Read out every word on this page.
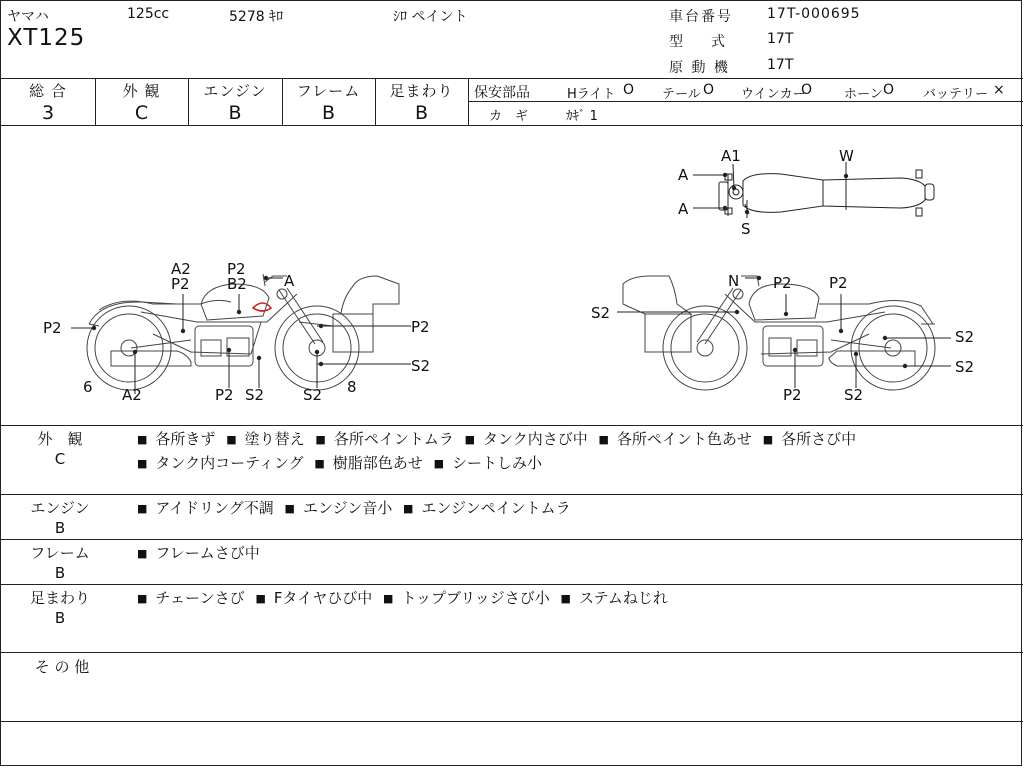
ヤマハ	125cc	5278 ｷﾛ	ｼﾛ ペイント
XT125
車台番号 17T-000695
型　　式	17T
原 動 機	17T
総 合
3
外 観
C
エンジン
B
フレーム
B
足まわり
B
保安部品	Hライト O テール O ウインカー
O ホーン O バッテリー ×
カ　ギ	ｶｷﾞ 1
A1	W
A
A
S
A2
P2
P2
B2 A
P2	P2
S2
6 A2	P2 S2	S2 8
N P2 P2
S2
S2
S2
P2	S2
外　観
C
■ 各所きず ■ 塗り替え ■ 各所ペイントムラ ■ タンク内さび中 ■ 各所ペイント色あせ ■ 各所さび中
■ タンク内コーティング ■ 樹脂部色あせ ■ シートしみ小
エンジン
B
■ アイドリング不調 ■ エンジン音小 ■ エンジンペイントムラ
フレーム
B
■ フレームさび中
足まわり
B
■ チェーンさび ■ Fタイヤひび中 ■ トップブリッジさび小 ■ ステムねじれ
そ の 他
